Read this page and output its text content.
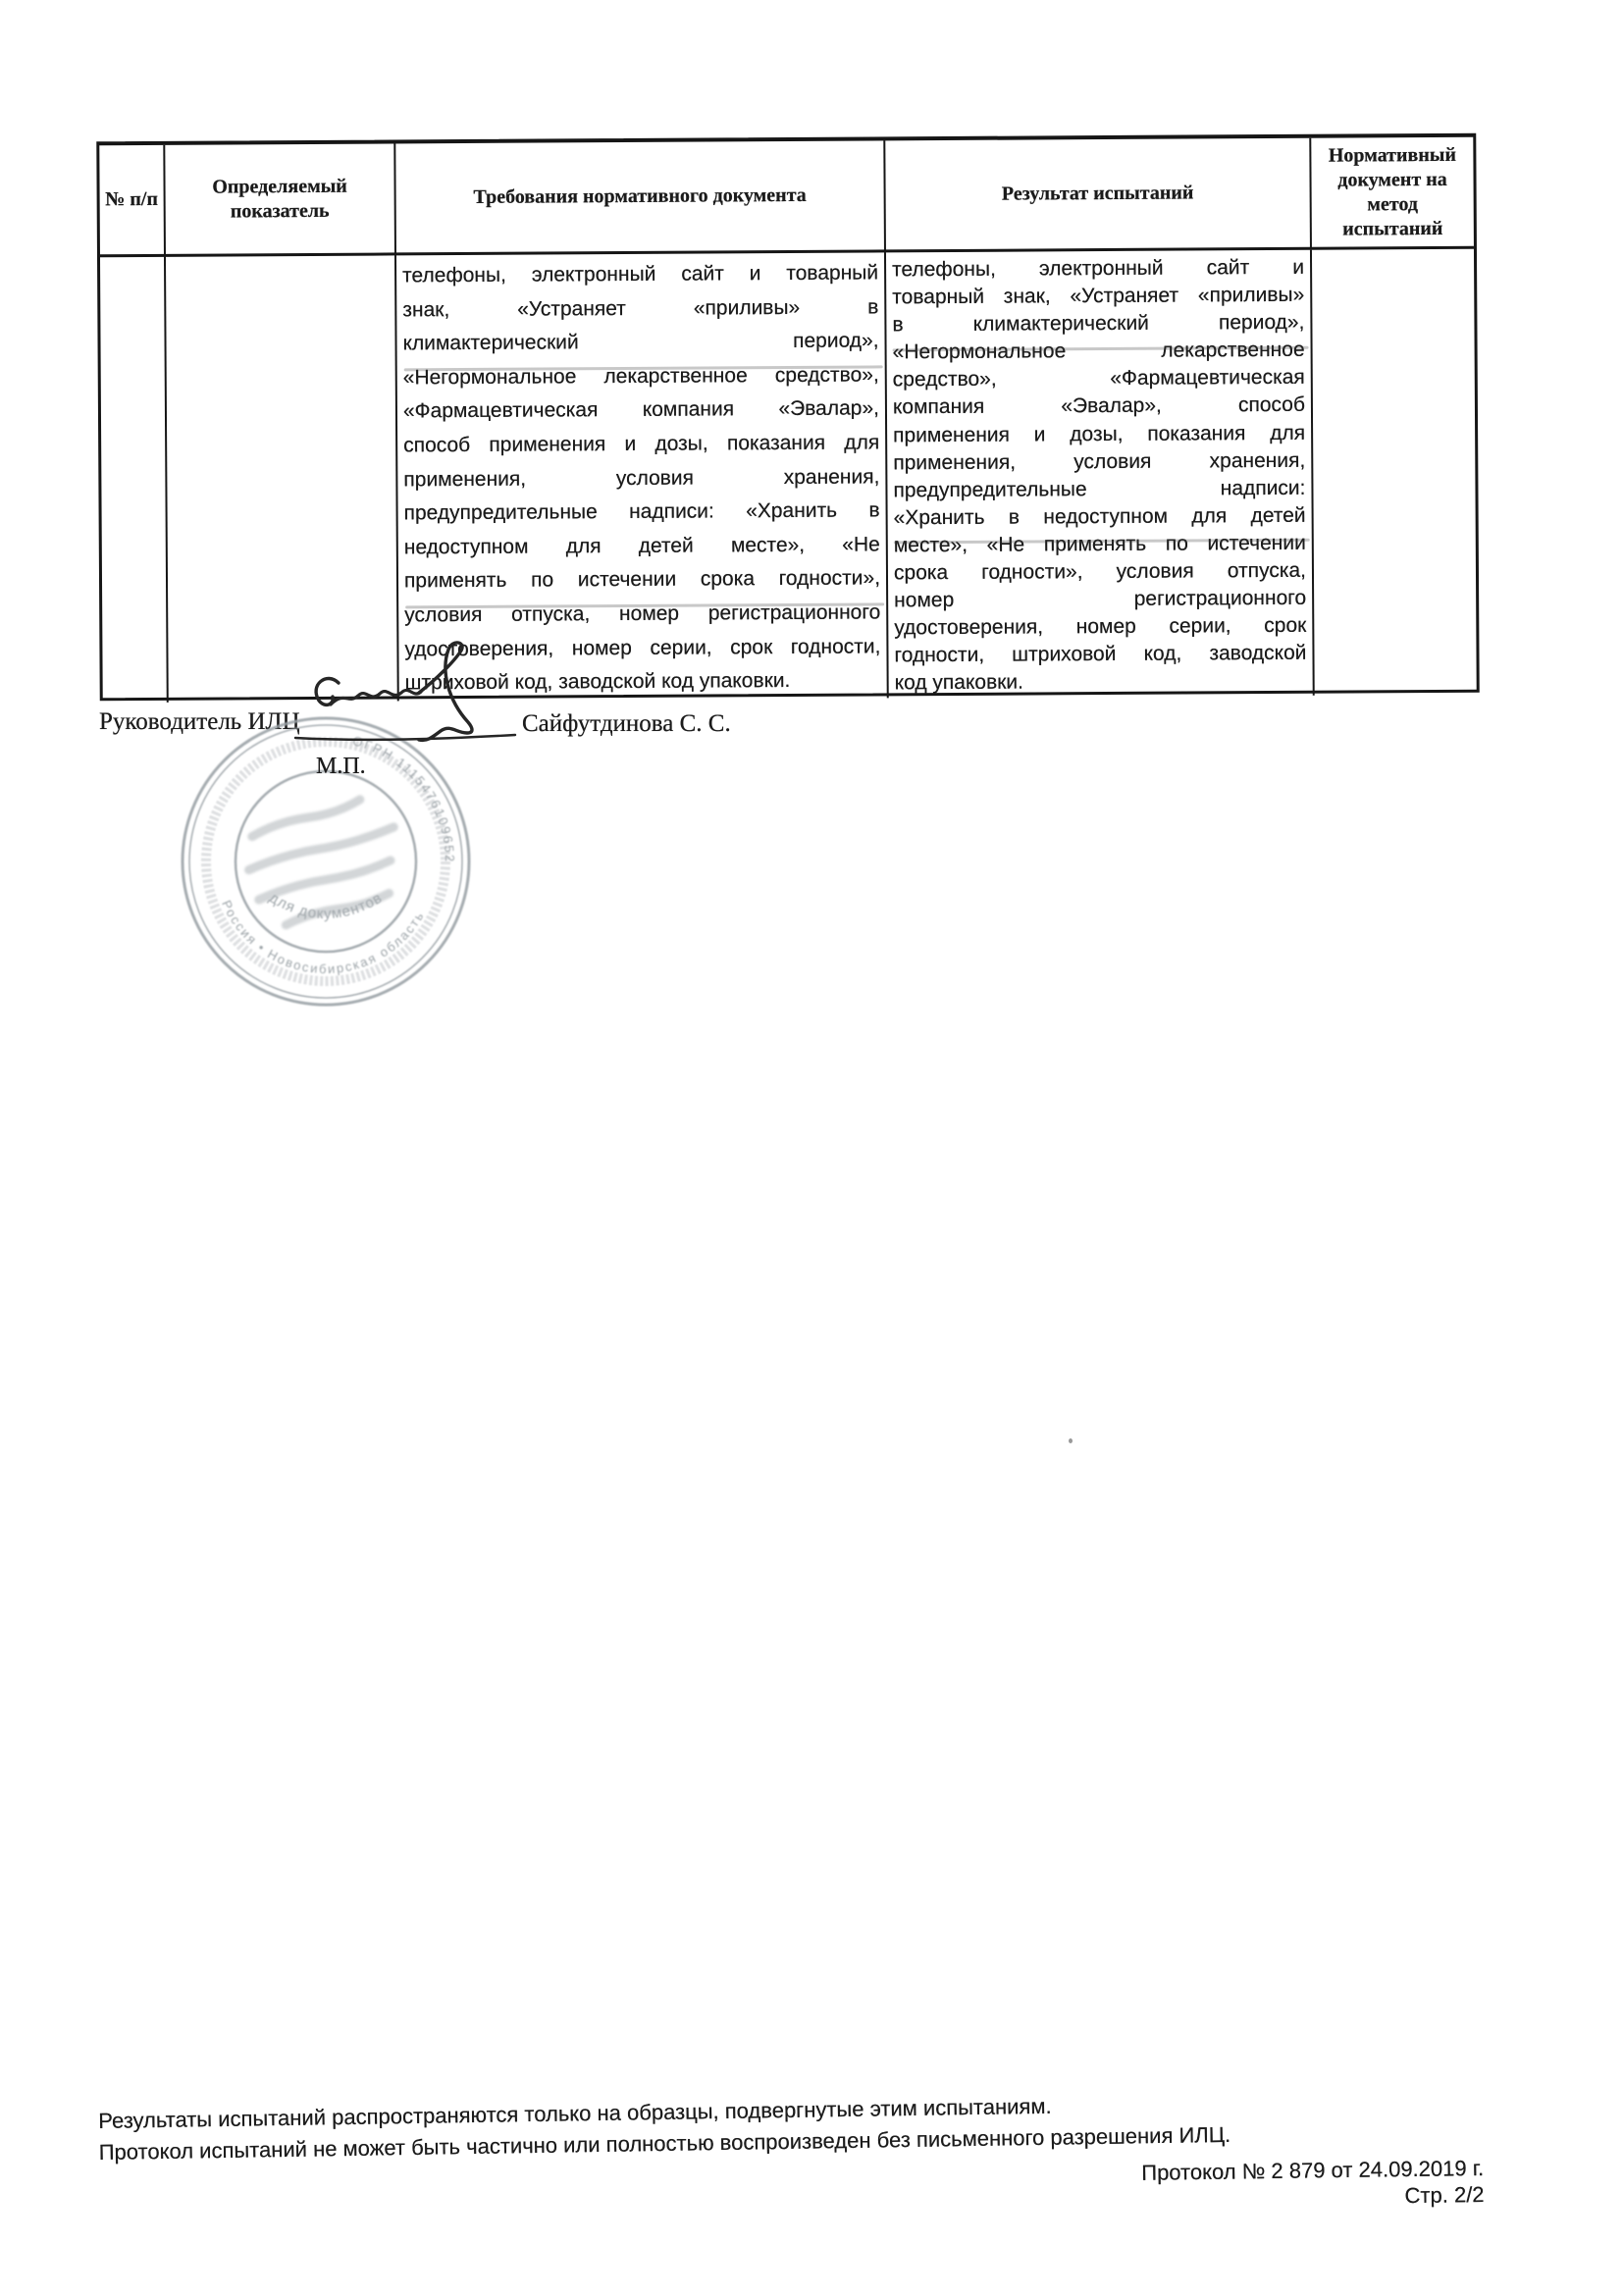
№ п/п
Определяемый показатель
Требования нормативного документа	Результат испытаний
Нормативный документ на метод испытаний
телефоны, электронный сайт и товарный
знак, «Устраняет «приливы» в
климактерический период»,
«Негормональное лекарственное средство»,
«Фармацевтическая компания «Эвалар»,
способ применения и дозы, показания для
применения, условия хранения,
предупредительные надписи: «Хранить в
недоступном для детей месте», «Не
применять по истечении срока годности»,
условия отпуска, номер регистрационного
удостоверения, номер серии, срок годности,
штриховой код, заводской код упаковки.
телефоны, электронный сайт и
товарный знак, «Устраняет «приливы»
в климактерический период»,
«Негормональное лекарственное
средство», «Фармацевтическая
компания «Эвалар», способ
применения и дозы, показания для
применения, условия хранения,
предупредительные надписи:
«Хранить в недоступном для детей
месте», «Не применять по истечении
срока годности», условия отпуска,
номер регистрационного
удостоверения, номер серии, срок
годности, штриховой код, заводской
код упаковки.
ОГРН 1115476109652
Россия • Новосибирская область
для документов
Руководитель ИЛЦ	Сайфутдинова С. С.
М.П.
Результаты испытаний распространяются только на образцы, подвергнутые этим испытаниям.
Протокол испытаний не может быть частично или полностью воспроизведен без письменного разрешения ИЛЦ.
Протокол № 2 879 от 24.09.2019 г.
Стр. 2/2
